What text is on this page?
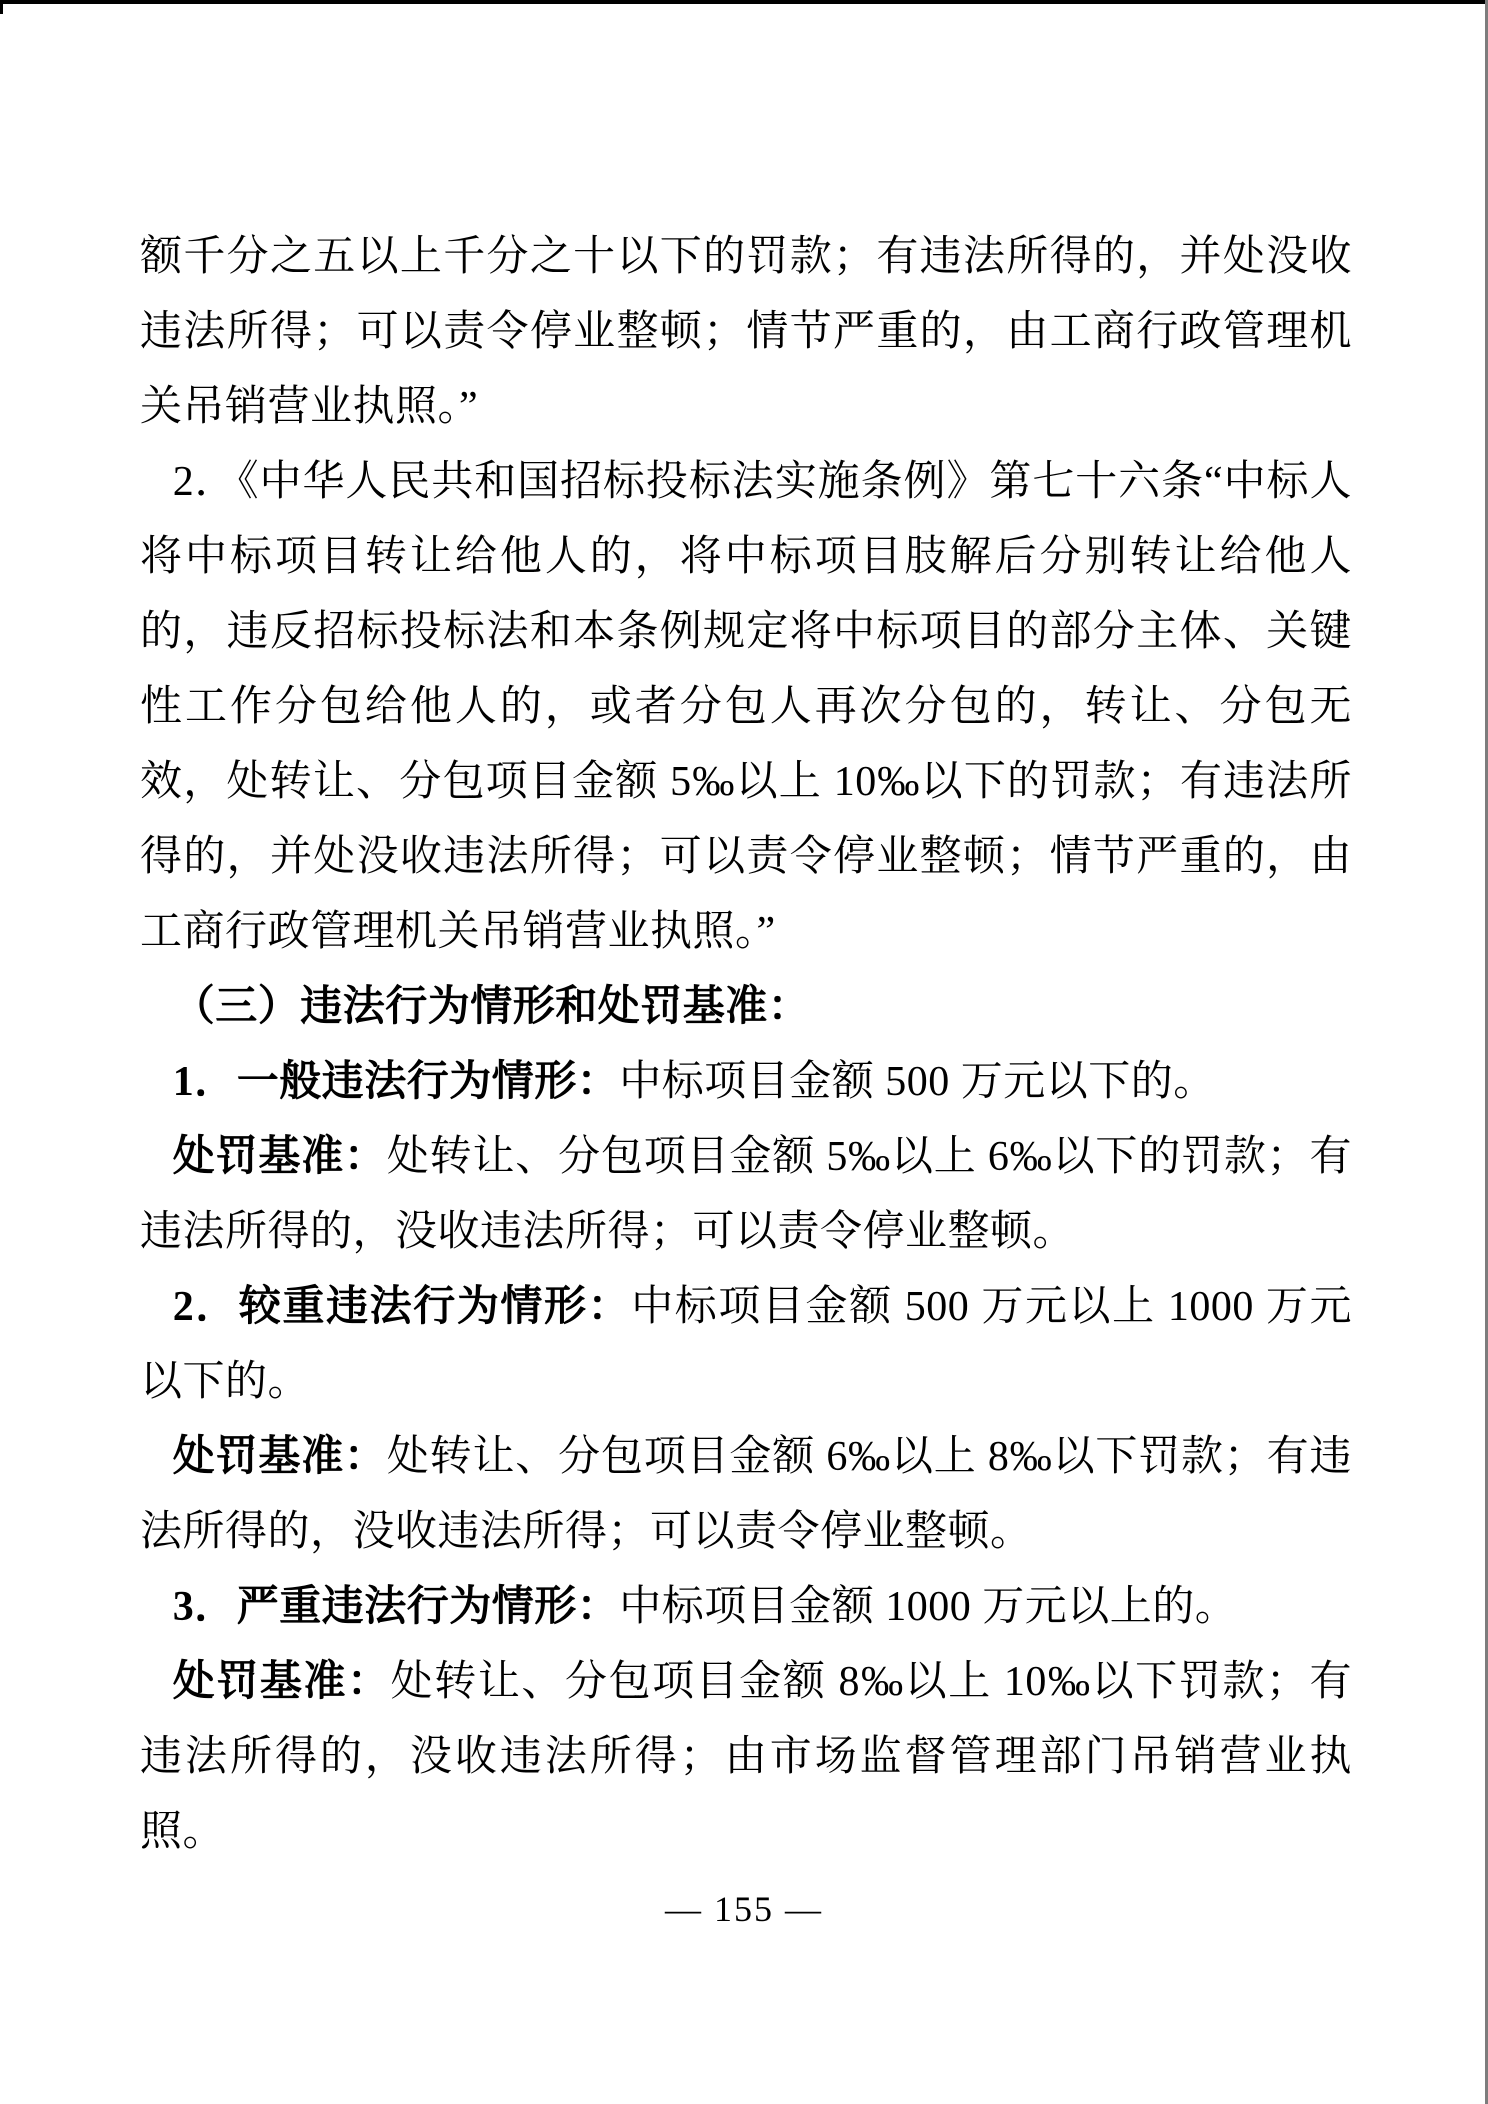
额千分之五以上千分之十以下的罚款；有违法所得的，并处没收违法所得；可以责令停业整顿；情节严重的，由工商行政管理机关吊销营业执照。”

2．《中华人民共和国招标投标法实施条例》第七十六条“中标人将中标项目转让给他人的，将中标项目肢解后分别转让给他人的，违反招标投标法和本条例规定将中标项目的部分主体、关键性工作分包给他人的，或者分包人再次分包的，转让、分包无效，处转让、分包项目金额 5‰以上 10‰以下的罚款；有违法所得的，并处没收违法所得；可以责令停业整顿；情节严重的，由工商行政管理机关吊销营业执照。”

（三）违法行为情形和处罚基准：

1．一般违法行为情形：中标项目金额 500 万元以下的。

处罚基准：处转让、分包项目金额 5‰以上 6‰以下的罚款；有违法所得的，没收违法所得；可以责令停业整顿。

2．较重违法行为情形：中标项目金额 500 万元以上 1000 万元以下的。

处罚基准：处转让、分包项目金额 6‰以上 8‰以下罚款；有违法所得的，没收违法所得；可以责令停业整顿。

3．严重违法行为情形：中标项目金额 1000 万元以上的。

处罚基准：处转让、分包项目金额 8‰以上 10‰以下罚款；有违法所得的，没收违法所得；由市场监督管理部门吊销营业执照。

— 155 —
